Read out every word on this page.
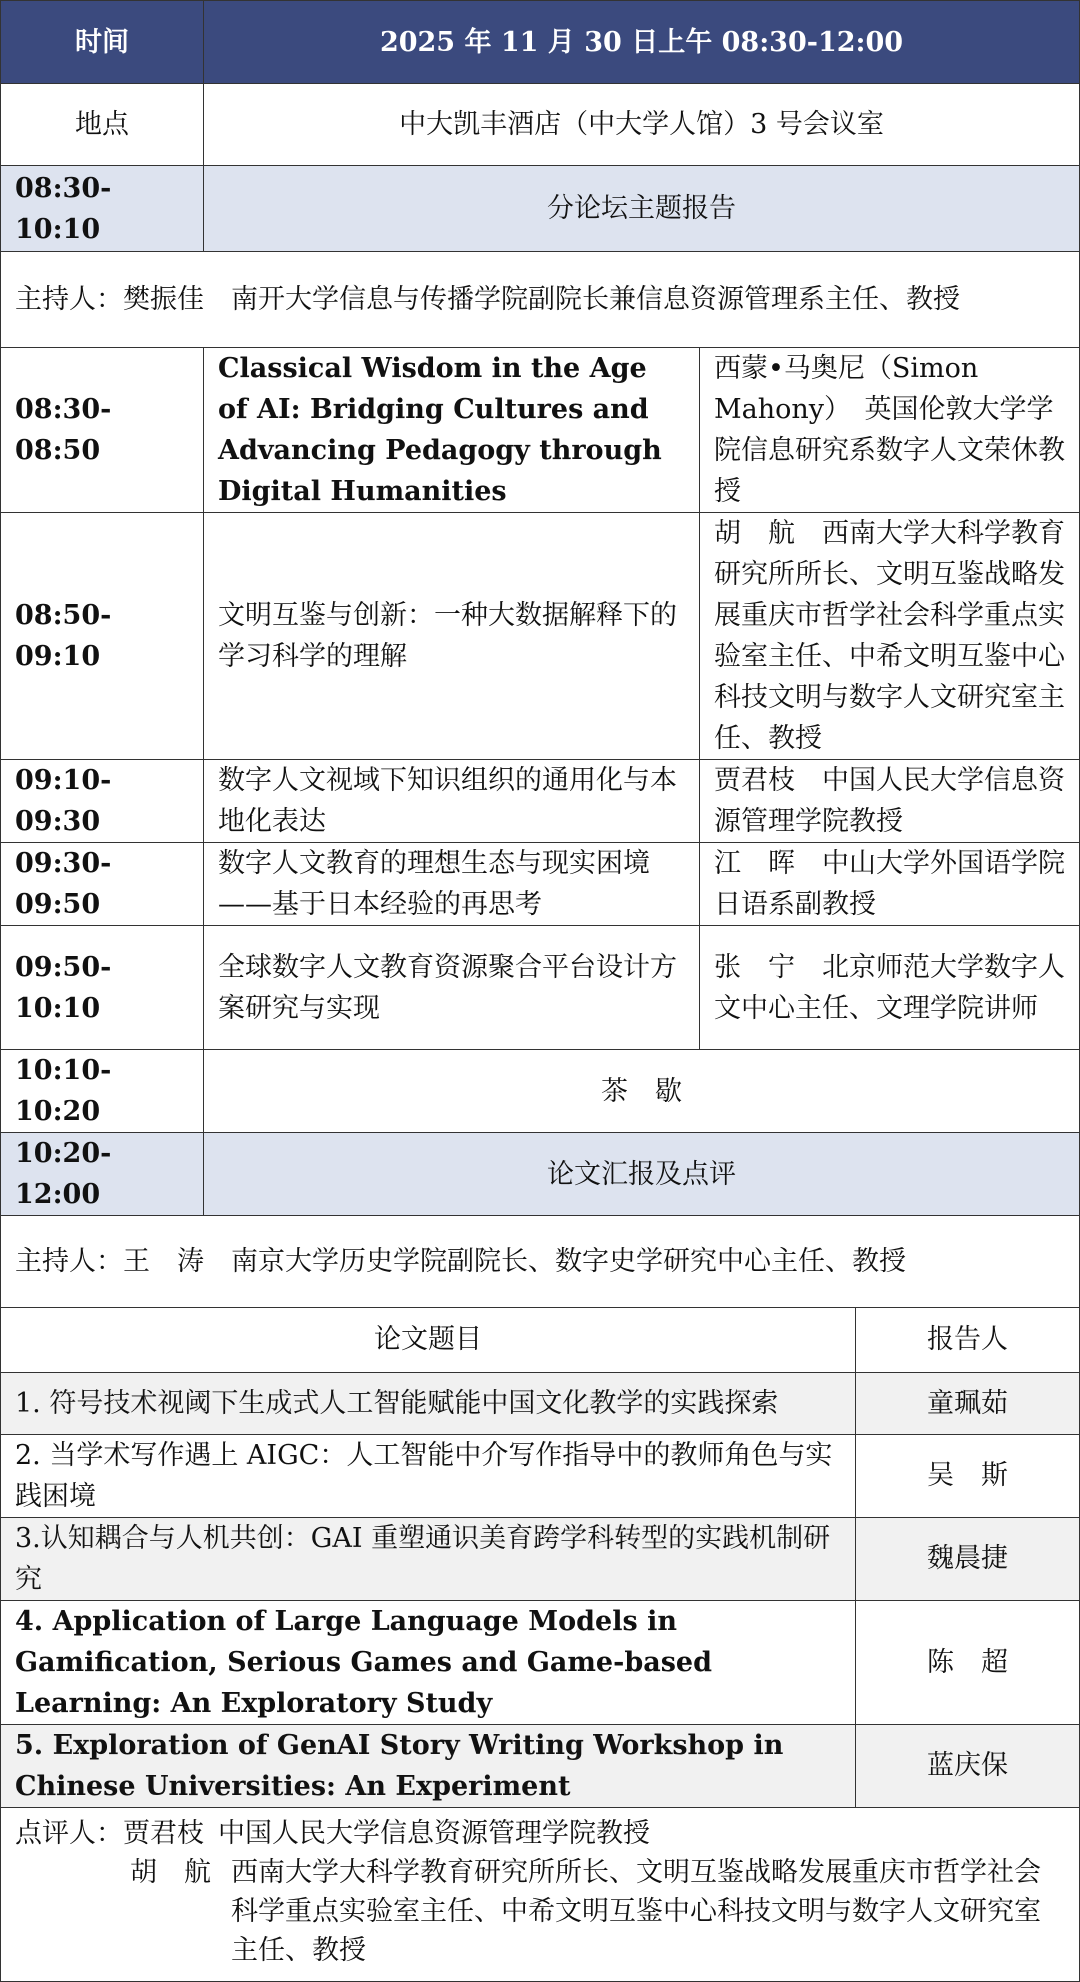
时间	2025 年 11 月 30 日上午 08:30-12:00	
地点	中大凯丰酒店（中大学人馆）3 号会议室	
08:30-10:10	分论坛主题报告	
主持人：樊振佳　南开大学信息与传播学院副院长兼信息资源管理系主任、教授		
08:30-08:50	Classical Wisdom in the Age of AI: Bridging Cultures and Advancing Pedagogy through Digital Humanities	西蒙•马奥尼（Simon Mahony）　英国伦敦大学学院信息研究系数字人文荣休教授
08:50-09:10	文明互鉴与创新：一种大数据解释下的学习科学的理解	胡　航　西南大学大科学教育研究所所长、文明互鉴战略发展重庆市哲学社会科学重点实验室主任、中希文明互鉴中心科技文明与数字人文研究室主任、教授
09:10-09:30	数字人文视域下知识组织的通用化与本地化表达	贾君枝　中国人民大学信息资源管理学院教授
09:30-09:50	数字人文教育的理想生态与现实困境——基于日本经验的再思考	江　晖　中山大学外国语学院日语系副教授
09:50-10:10	全球数字人文教育资源聚合平台设计方案研究与实现	张　宁　北京师范大学数字人文中心主任、文理学院讲师
10:10-10:20	茶　歇	
10:20-12:00	论文汇报及点评	
主持人：王　涛　南京大学历史学院副院长、数字史学研究中心主任、教授		
论文题目	报告人
1. 符号技术视阈下生成式人工智能赋能中国文化教学的实践探索	童珮茹
2. 当学术写作遇上 AIGC：人工智能中介写作指导中的教师角色与实践困境	吴　斯
3.认知耦合与人机共创：GAI 重塑通识美育跨学科转型的实践机制研究	魏晨捷
4. Application of Large Language Models in Gamification, Serious Games and Game-based Learning: An Exploratory Study	陈　超
5. Exploration of GenAI Story Writing Workshop in Chinese Universities: An Experiment	蓝庆保

点评人： 贾君枝 中国人民大学信息资源管理学院教授
胡　航 西南大学大科学教育研究所所长、文明互鉴战略发展重庆市哲学社会科学重点实验室主任、中希文明互鉴中心科技文明与数字人文研究室主任、教授	
